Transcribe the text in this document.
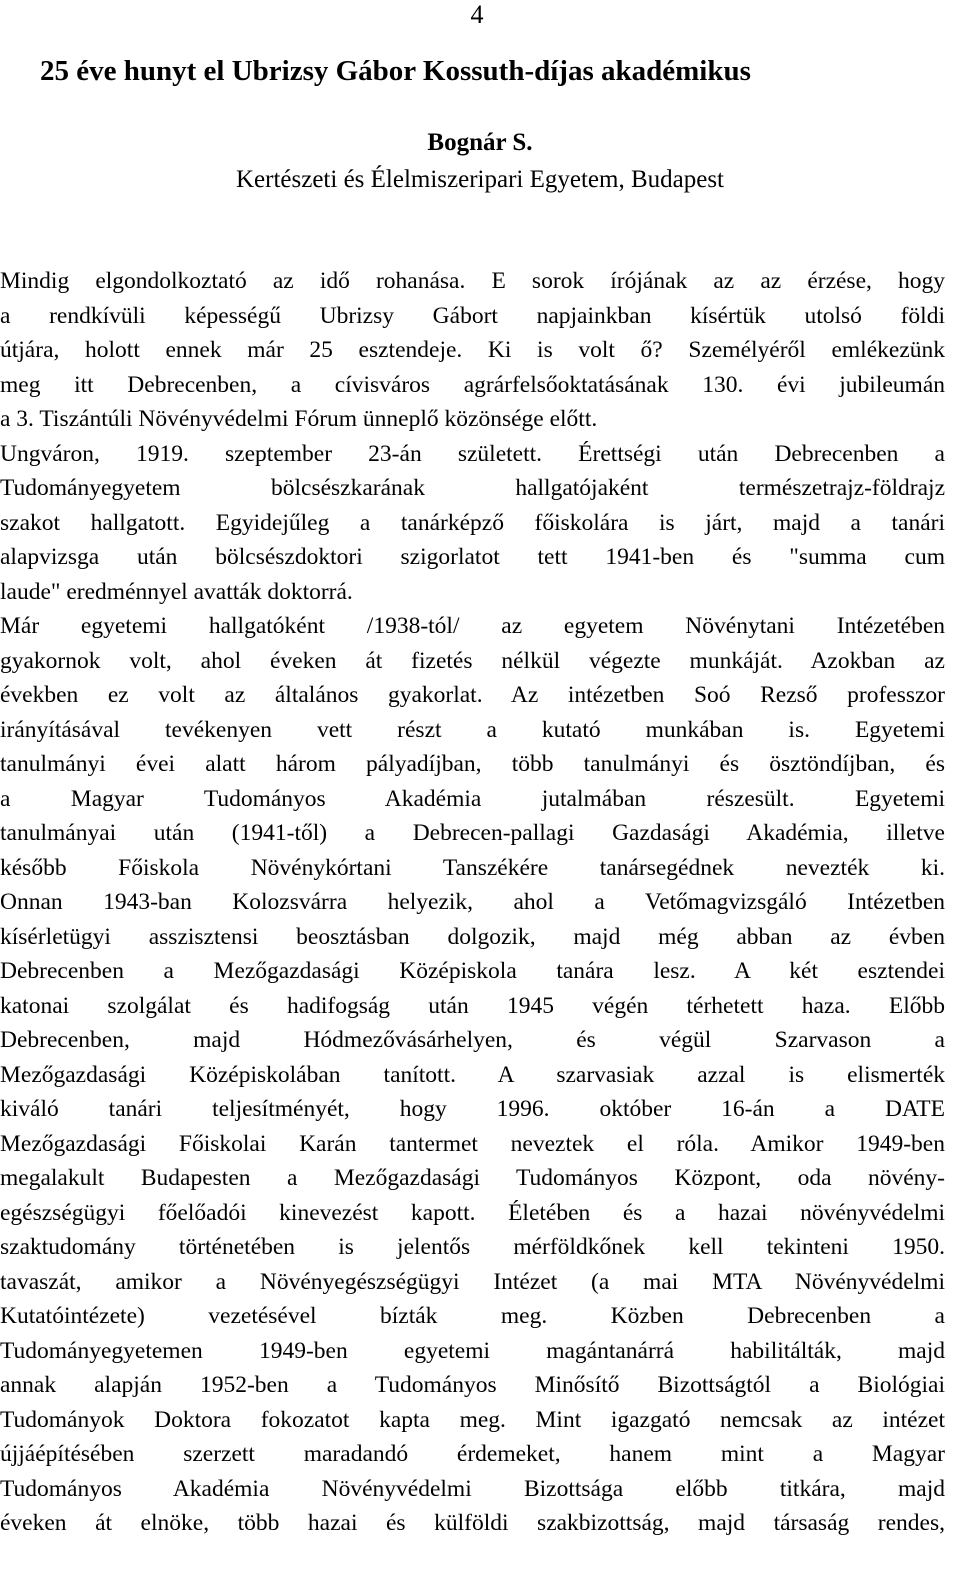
4
25 éve hunyt el Ubrizsy Gábor Kossuth-díjas akadémikus
Bognár S.
Kertészeti és Élelmiszeripari Egyetem, Budapest
Mindig elgondolkoztató az idő rohanása. E sorok írójának az az érzése, hogy
a rendkívüli képességű Ubrizsy Gábort napjainkban kísértük utolsó földi
útjára, holott ennek már 25 esztendeje. Ki is volt ő? Személyéről emlékezünk
meg itt Debrecenben, a cívisváros agrárfelsőoktatásának 130. évi jubileumán
a 3. Tiszántúli Növényvédelmi Fórum ünneplő közönsége előtt.
Ungváron, 1919. szeptember 23-án született. Érettségi után Debrecenben a
Tudományegyetem bölcsészkarának hallgatójaként természetrajz-földrajz
szakot hallgatott. Egyidejűleg a tanárképző főiskolára is járt, majd a tanári
alapvizsga után bölcsészdoktori szigorlatot tett 1941-ben és "summa cum
laude" eredménnyel avatták doktorrá.
Már egyetemi hallgatóként /1938-tól/ az egyetem Növénytani Intézetében
gyakornok volt, ahol éveken át fizetés nélkül végezte munkáját. Azokban az
években ez volt az általános gyakorlat. Az intézetben Soó Rezső professzor
irányításával tevékenyen vett részt a kutató munkában is. Egyetemi
tanulmányi évei alatt három pályadíjban, több tanulmányi és ösztöndíjban, és
a Magyar Tudományos Akadémia jutalmában részesült. Egyetemi
tanulmányai után (1941-től) a Debrecen-pallagi Gazdasági Akadémia, illetve
később Főiskola Növénykórtani Tanszékére tanársegédnek nevezték ki.
Onnan 1943-ban Kolozsvárra helyezik, ahol a Vetőmagvizsgáló Intézetben
kísérletügyi asszisztensi beosztásban dolgozik, majd még abban az évben
Debrecenben a Mezőgazdasági Középiskola tanára lesz. A két esztendei
katonai szolgálat és hadifogság után 1945 végén térhetett haza. Előbb
Debrecenben, majd Hódmezővásárhelyen, és végül Szarvason a
Mezőgazdasági Középiskolában tanított. A szarvasiak azzal is elismerték
kiváló tanári teljesítményét, hogy 1996. október 16-án a DATE
Mezőgazdasági Főiskolai Karán tantermet neveztek el róla. Amikor 1949-ben
megalakult Budapesten a Mezőgazdasági Tudományos Központ, oda növény-
egészségügyi főelőadói kinevezést kapott. Életében és a hazai növényvédelmi
szaktudomány történetében is jelentős mérföldkőnek kell tekinteni 1950.
tavaszát, amikor a Növényegészségügyi Intézet (a mai MTA Növényvédelmi
Kutatóintézete) vezetésével bízták meg. Közben Debrecenben a
Tudományegyetemen 1949-ben egyetemi magántanárrá habilitálták, majd
annak alapján 1952-ben a Tudományos Minősítő Bizottságtól a Biológiai
Tudományok Doktora fokozatot kapta meg. Mint igazgató nemcsak az intézet
újjáépítésében szerzett maradandó érdemeket, hanem mint a Magyar
Tudományos Akadémia Növényvédelmi Bizottsága előbb titkára, majd
éveken át elnöke, több hazai és külföldi szakbizottság, majd társaság rendes,
